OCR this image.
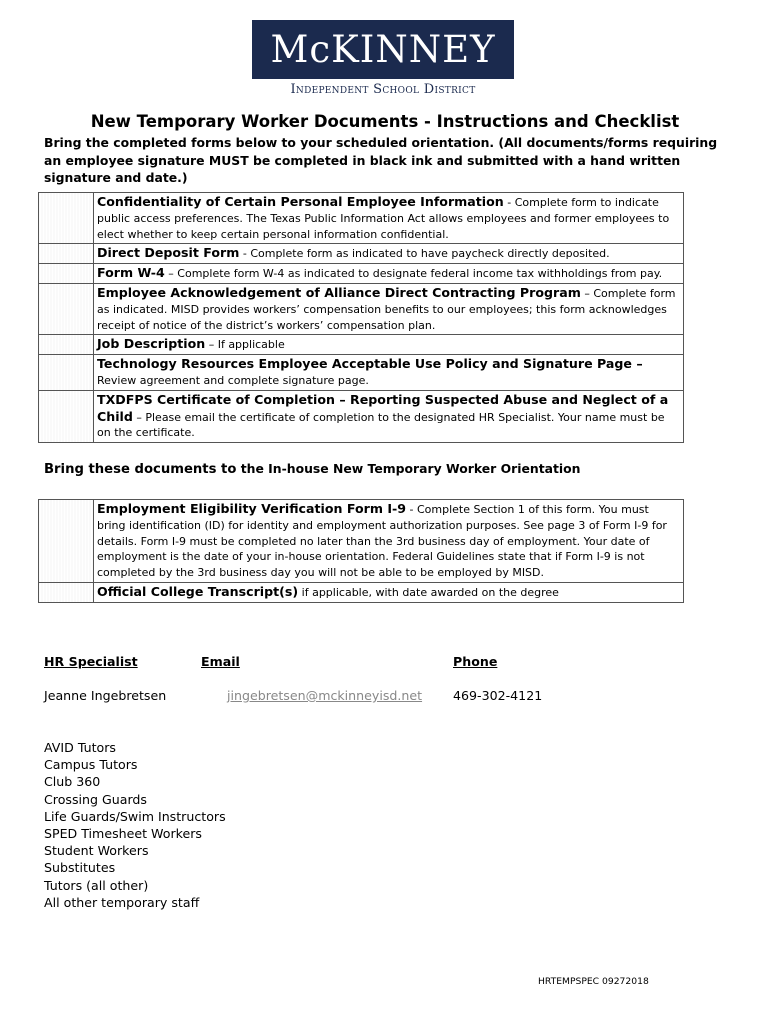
McKINNEY
Independent School District
New Temporary Worker Documents - Instructions and Checklist
Bring the completed forms below to your scheduled orientation. (All documents/forms requiring an employee signature MUST be completed in black ink and submitted with a hand written signature and date.)
	Confidentiality of Certain Personal Employee Information - Complete form to indicate public access preferences. The Texas Public Information Act allows employees and former employees to elect whether to keep certain personal information confidential.
	Direct Deposit Form - Complete form as indicated to have paycheck directly deposited.
	Form W-4 – Complete form W-4 as indicated to designate federal income tax withholdings from pay.
	Employee Acknowledgement of Alliance Direct Contracting Program – Complete form as indicated. MISD provides workers’ compensation benefits to our employees; this form acknowledges receipt of notice of the district’s workers’ compensation plan.
	Job Description – If applicable
	Technology Resources Employee Acceptable Use Policy and Signature Page – Review agreement and complete signature page.
	TXDFPS Certificate of Completion – Reporting Suspected Abuse and Neglect of a Child – Please email the certificate of completion to the designated HR Specialist. Your name must be on the certificate.
Bring these documents to the In-house New Temporary Worker Orientation
	Employment Eligibility Verification Form I-9 - Complete Section 1 of this form. You must bring identification (ID) for identity and employment authorization purposes. See page 3 of Form I-9 for details. Form I-9 must be completed no later than the 3rd business day of employment. Your date of employment is the date of your in-house orientation. Federal Guidelines state that if Form I-9 is not completed by the 3rd business day you will not be able to be employed by MISD.
	Official College Transcript(s) if applicable, with date awarded on the degree
HR Specialist	Email	Phone
Jeanne Ingebretsen	jingebretsen@mckinneyisd.net 469-302-4121
AVID Tutors
Campus Tutors
Club 360
Crossing Guards
Life Guards/Swim Instructors
SPED Timesheet Workers
Student Workers
Substitutes
Tutors (all other)
All other temporary staff
HRTEMPSPEC 09272018
